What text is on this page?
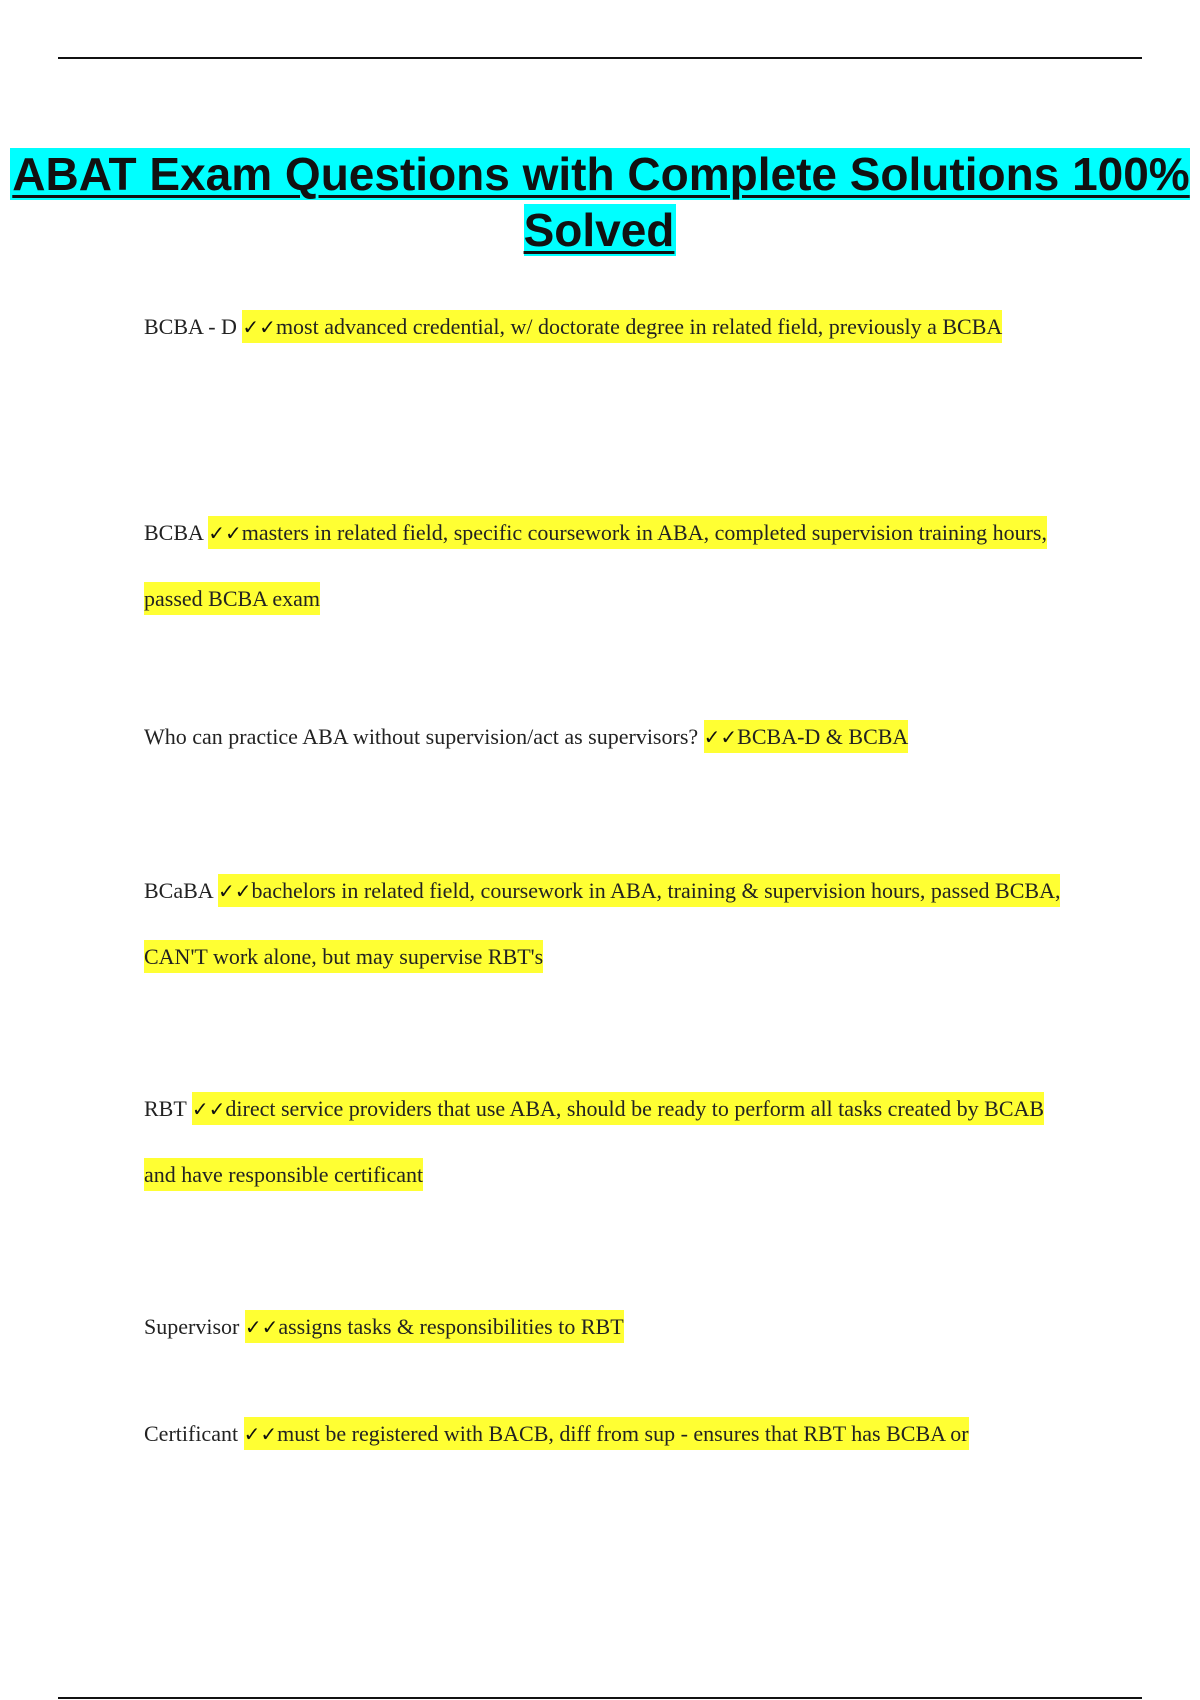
ABAT Exam Questions with Complete Solutions 100% Solved
BCBA - D ✓✓most advanced credential, w/ doctorate degree in related field, previously a BCBA
BCBA ✓✓masters in related field, specific coursework in ABA, completed supervision training hours, passed BCBA exam
Who can practice ABA without supervision/act as supervisors? ✓✓BCBA-D & BCBA
BCaBA ✓✓bachelors in related field, coursework in ABA, training & supervision hours, passed BCBA, CAN'T work alone, but may supervise RBT's
RBT ✓✓direct service providers that use ABA, should be ready to perform all tasks created by BCAB and have responsible certificant
Supervisor ✓✓assigns tasks & responsibilities to RBT
Certificant ✓✓must be registered with BACB, diff from sup - ensures that RBT has BCBA or
